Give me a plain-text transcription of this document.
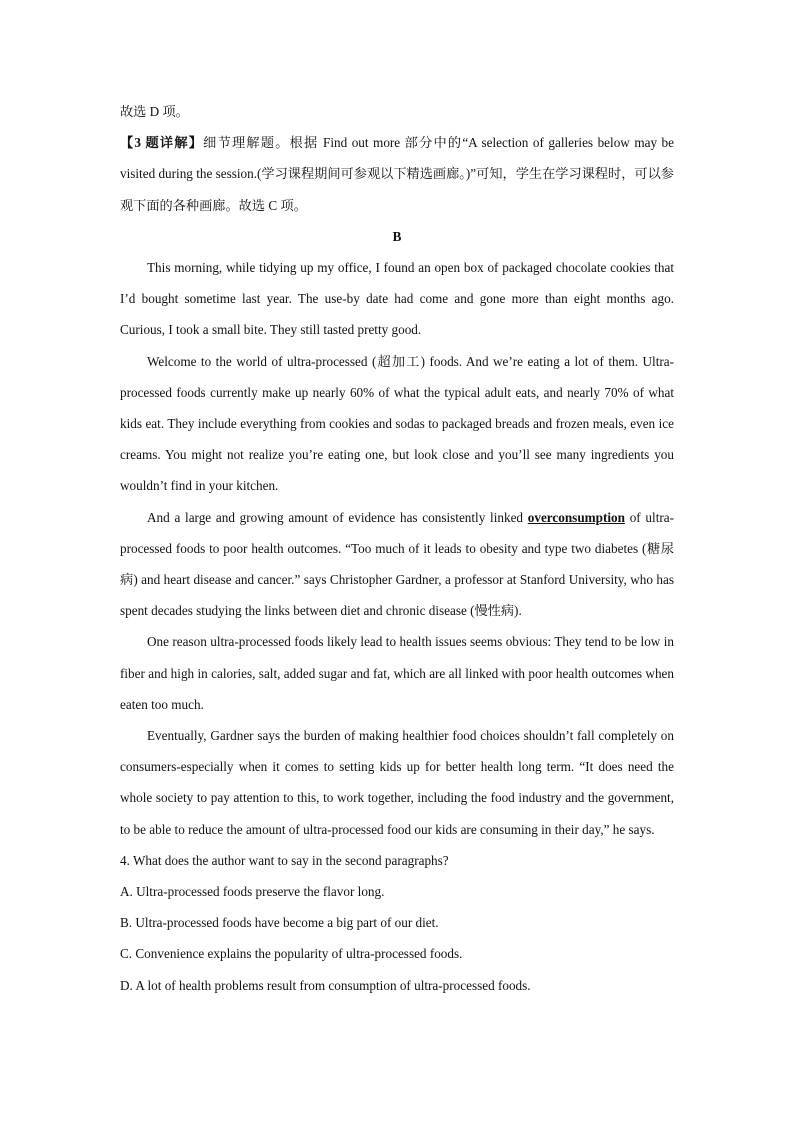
故选 D 项。

【3 题详解】细节理解题。根据 Find out more 部分中的“A selection of galleries below may be visited during the session.(学习课程期间可参观以下精选画廊。)”可知，学生在学习课程时，可以参观下面的各种画廊。故选 C 项。

B

This morning, while tidying up my office, I found an open box of packaged chocolate cookies that I’d bought sometime last year. The use-by date had come and gone more than eight months ago. Curious, I took a small bite. They still tasted pretty good.

Welcome to the world of ultra-processed (超加工) foods. And we’re eating a lot of them. Ultra-processed foods currently make up nearly 60% of what the typical adult eats, and nearly 70% of what kids eat. They include everything from cookies and sodas to packaged breads and frozen meals, even ice creams. You might not realize you’re eating one, but look close and you’ll see many ingredients you wouldn’t find in your kitchen.

And a large and growing amount of evidence has consistently linked overconsumption of ultra-processed foods to poor health outcomes. “Too much of it leads to obesity and type two diabetes (糖尿病) and heart disease and cancer.” says Christopher Gardner, a professor at Stanford University, who has spent decades studying the links between diet and chronic disease (慢性病).

One reason ultra-processed foods likely lead to health issues seems obvious: They tend to be low in fiber and high in calories, salt, added sugar and fat, which are all linked with poor health outcomes when eaten too much.

Eventually, Gardner says the burden of making healthier food choices shouldn’t fall completely on consumers-especially when it comes to setting kids up for better health long term. “It does need the whole society to pay attention to this, to work together, including the food industry and the government, to be able to reduce the amount of ultra-processed food our kids are consuming in their day,” he says.

4. What does the author want to say in the second paragraphs?

A. Ultra-processed foods preserve the flavor long.

B. Ultra-processed foods have become a big part of our diet.

C. Convenience explains the popularity of ultra-processed foods.

D. A lot of health problems result from consumption of ultra-processed foods.
